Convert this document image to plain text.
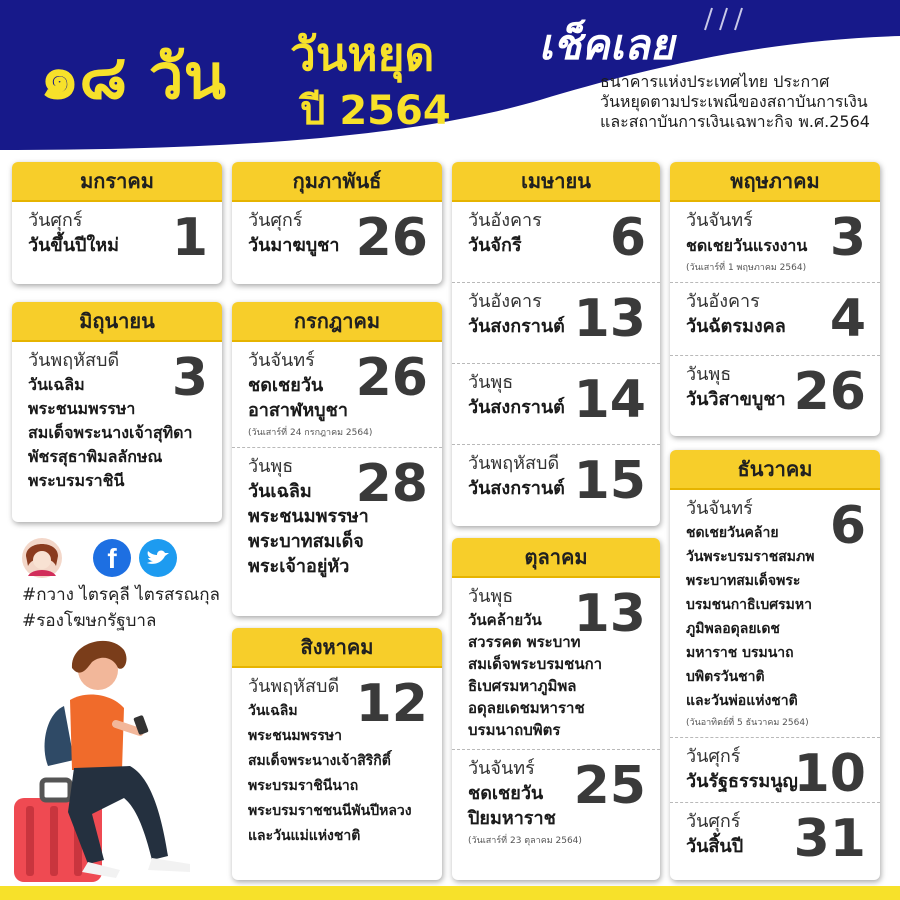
๑๘ วัน วันหยุด
ปี 2564
เช็คเลย
ธนาคารแห่งประเทศไทย ประกาศ
วันหยุดตามประเพณีของสถาบันการเงิน
และสถาบันการเงินเฉพาะกิจ พ.ศ.2564
มกราคม
วันศุกร์
วันขึ้นปีใหม่	1
กุมภาพันธ์
วันศุกร์
วันมาฆบูชา 26
เมษายน
วันอังคาร
วันจักรี	6
วันอังคาร
วันสงกรานต์ 13
วันพุธ
วันสงกรานต์ 14
วันพฤหัสบดี
วันสงกรานต์ 15
พฤษภาคม
วันจันทร์
ชดเชยวันแรงงาน
(วันเสาร์ที่ 1 พฤษภาคม 2564) 3
วันอังคาร
วันฉัตรมงคล 4
วันพุธ
วันวิสาขบูชา 26
มิถุนายน
วันพฤหัสบดี
วันเฉลิม
พระชนมพรรษา
สมเด็จพระนางเจ้าสุทิดา
พัชรสุธาพิมลลักษณ
พระบรมราชินี
3
กรกฎาคม
วันจันทร์
ชดเชยวัน
อาสาฬหบูชา
(วันเสาร์ที่ 24 กรกฎาคม 2564)
26
วันพุธ
วันเฉลิม
พระชนมพรรษา
พระบาทสมเด็จ
พระเจ้าอยู่หัว
28
สิงหาคม
วันพฤหัสบดี
วันเฉลิม
พระชนมพรรษา
สมเด็จพระนางเจ้าสิริกิติ์
พระบรมราชินีนาถ
พระบรมราชชนนีพันปีหลวง
และวันแม่แห่งชาติ
12
ตุลาคม
วันพุธ
วันคล้ายวัน
สวรรคต พระบาท
สมเด็จพระบรมชนกา
ธิเบศรมหาภูมิพล
อดุลยเดชมหาราช
บรมนาถบพิตร
13
วันจันทร์
ชดเชยวัน
ปิยมหาราช
(วันเสาร์ที่ 23 ตุลาคม 2564)
25
ธันวาคม
วันจันทร์
ชดเชยวันคล้าย
วันพระบรมราชสมภพ
พระบาทสมเด็จพระ
บรมชนกาธิเบศรมหา
ภูมิพลอดุลยเดช
มหาราช บรมนาถ
บพิตรวันชาติ
และวันพ่อแห่งชาติ
(วันอาทิตย์ที่ 5 ธันวาคม 2564)
6
วันศุกร์
วันรัฐธรรมนูญ
10
วันศุกร์
วันสิ้นปี 31
f
#กวาง ไตรคุลี ไตรสรณกุล
#รองโฆษกรัฐบาล
